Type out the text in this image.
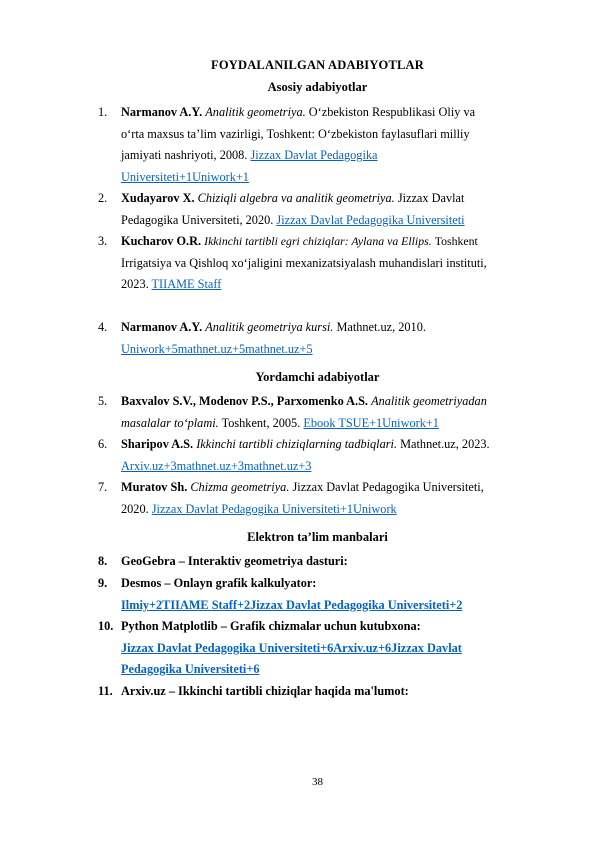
FOYDALANILGAN ADABIYOTLAR
Asosiy adabiyotlar
1. Narmanov A.Y. Analitik geometriya. O‘zbekiston Respublikasi Oliy va
o‘rta maxsus ta’lim vazirligi, Toshkent: O‘zbekiston faylasuflari milliy
jamiyati nashriyoti, 2008. Jizzax Davlat Pedagogika
Universiteti+1Uniwork+1
2. Xudayarov X. Chiziqli algebra va analitik geometriya. Jizzax Davlat
Pedagogika Universiteti, 2020. Jizzax Davlat Pedagogika Universiteti
3. Kucharov O.R. Ikkinchi tartibli egri chiziqlar: Aylana va Ellips. Toshkent
Irrigatsiya va Qishloq xo‘jaligini mexanizatsiyalash muhandislari instituti,
2023. TIIAME Staff
4. Narmanov A.Y. Analitik geometriya kursi. Mathnet.uz, 2010.
Uniwork+5mathnet.uz+5mathnet.uz+5
Yordamchi adabiyotlar
5. Baxvalov S.V., Modenov P.S., Parxomenko A.S. Analitik geometriyadan
masalalar to‘plami. Toshkent, 2005. Ebook TSUE+1Uniwork+1
6. Sharipov A.S. Ikkinchi tartibli chiziqlarning tadbiqlari. Mathnet.uz, 2023.
Arxiv.uz+3mathnet.uz+3mathnet.uz+3
7. Muratov Sh. Chizma geometriya. Jizzax Davlat Pedagogika Universiteti,
2020. Jizzax Davlat Pedagogika Universiteti+1Uniwork
Elektron ta’lim manbalari
8. GeoGebra – Interaktiv geometriya dasturi:
9. Desmos – Onlayn grafik kalkulyator:
Ilmiy+2TIIAME Staff+2Jizzax Davlat Pedagogika Universiteti+2
10. Python Matplotlib – Grafik chizmalar uchun kutubxona:
Jizzax Davlat Pedagogika Universiteti+6Arxiv.uz+6Jizzax Davlat
Pedagogika Universiteti+6
11. Arxiv.uz – Ikkinchi tartibli chiziqlar haqida ma'lumot:
38
